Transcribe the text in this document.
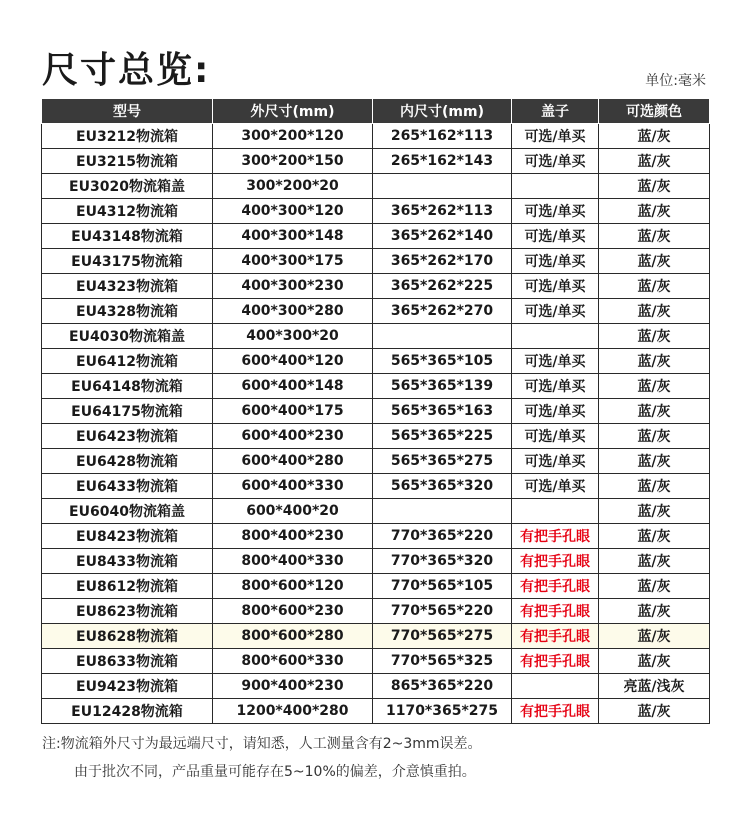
尺寸总览:	单位:毫米
型号	外尺寸(mm)	内尺寸(mm)	盖子	可选颜色
EU3212物流箱	300*200*120	265*162*113	可选/单买	蓝/灰
EU3215物流箱	300*200*150	265*162*143	可选/单买	蓝/灰
EU3020物流箱盖	300*200*20			蓝/灰
EU4312物流箱	400*300*120	365*262*113	可选/单买	蓝/灰
EU43148物流箱	400*300*148	365*262*140	可选/单买	蓝/灰
EU43175物流箱	400*300*175	365*262*170	可选/单买	蓝/灰
EU4323物流箱	400*300*230	365*262*225	可选/单买	蓝/灰
EU4328物流箱	400*300*280	365*262*270	可选/单买	蓝/灰
EU4030物流箱盖	400*300*20			蓝/灰
EU6412物流箱	600*400*120	565*365*105	可选/单买	蓝/灰
EU64148物流箱	600*400*148	565*365*139	可选/单买	蓝/灰
EU64175物流箱	600*400*175	565*365*163	可选/单买	蓝/灰
EU6423物流箱	600*400*230	565*365*225	可选/单买	蓝/灰
EU6428物流箱	600*400*280	565*365*275	可选/单买	蓝/灰
EU6433物流箱	600*400*330	565*365*320	可选/单买	蓝/灰
EU6040物流箱盖	600*400*20			蓝/灰
EU8423物流箱	800*400*230	770*365*220	有把手孔眼	蓝/灰
EU8433物流箱	800*400*330	770*365*320	有把手孔眼	蓝/灰
EU8612物流箱	800*600*120	770*565*105	有把手孔眼	蓝/灰
EU8623物流箱	800*600*230	770*565*220	有把手孔眼	蓝/灰
EU8628物流箱	800*600*280	770*565*275	有把手孔眼	蓝/灰
EU8633物流箱	800*600*330	770*565*325	有把手孔眼	蓝/灰
EU9423物流箱	900*400*230	865*365*220		亮蓝/浅灰
EU12428物流箱	1200*400*280	1170*365*275	有把手孔眼	蓝/灰
注:物流箱外尺寸为最远端尺寸，请知悉，人工测量含有2~3mm误差。
由于批次不同，产品重量可能存在5~10%的偏差，介意慎重拍。
